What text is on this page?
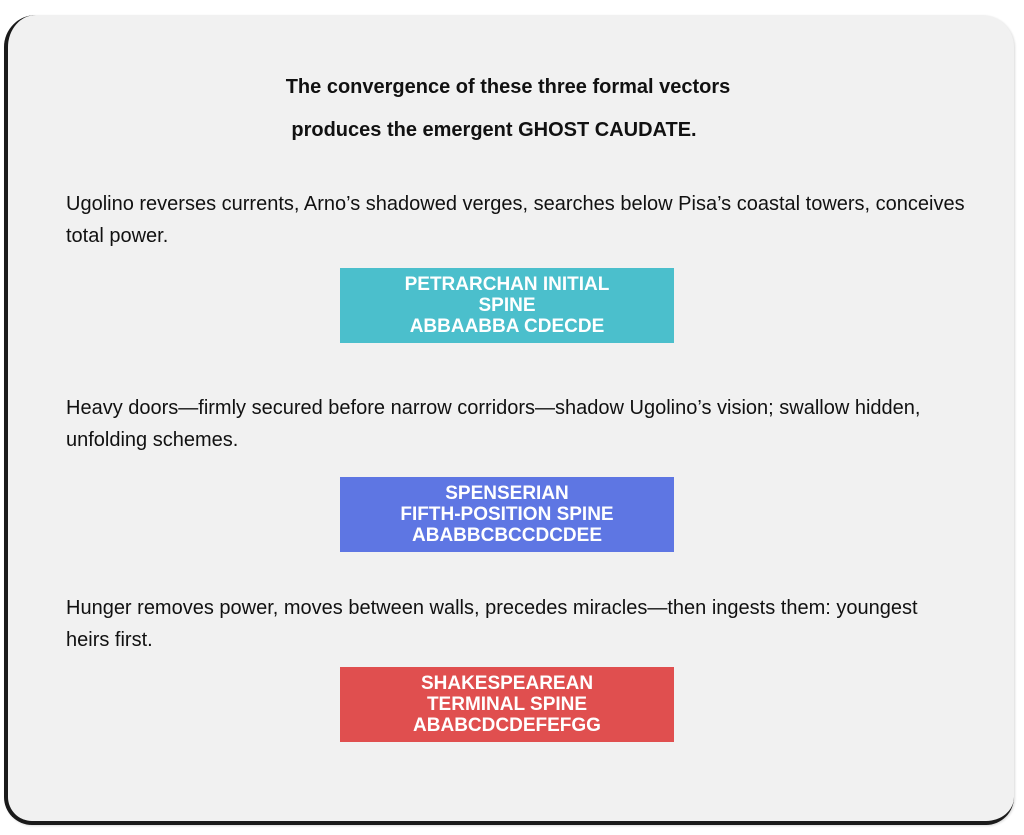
The convergence of these three formal vectors

produces the emergent GHOST CAUDATE.

Ugolino reverses currents, Arno’s shadowed verges, searches below Pisa’s coastal towers, conceives total power.

PETRARCHAN INITIAL
SPINE
ABBAABBA CDECDE

Heavy doors—firmly secured before narrow corridors—shadow Ugolino’s vision; swallow hidden, unfolding schemes.

SPENSERIAN
FIFTH-POSITION SPINE
ABABBCBCCDCDEE

Hunger removes power, moves between walls, precedes miracles—then ingests them: youngest heirs first.

SHAKESPEAREAN
TERMINAL SPINE
ABABCDCDEFEFGG
